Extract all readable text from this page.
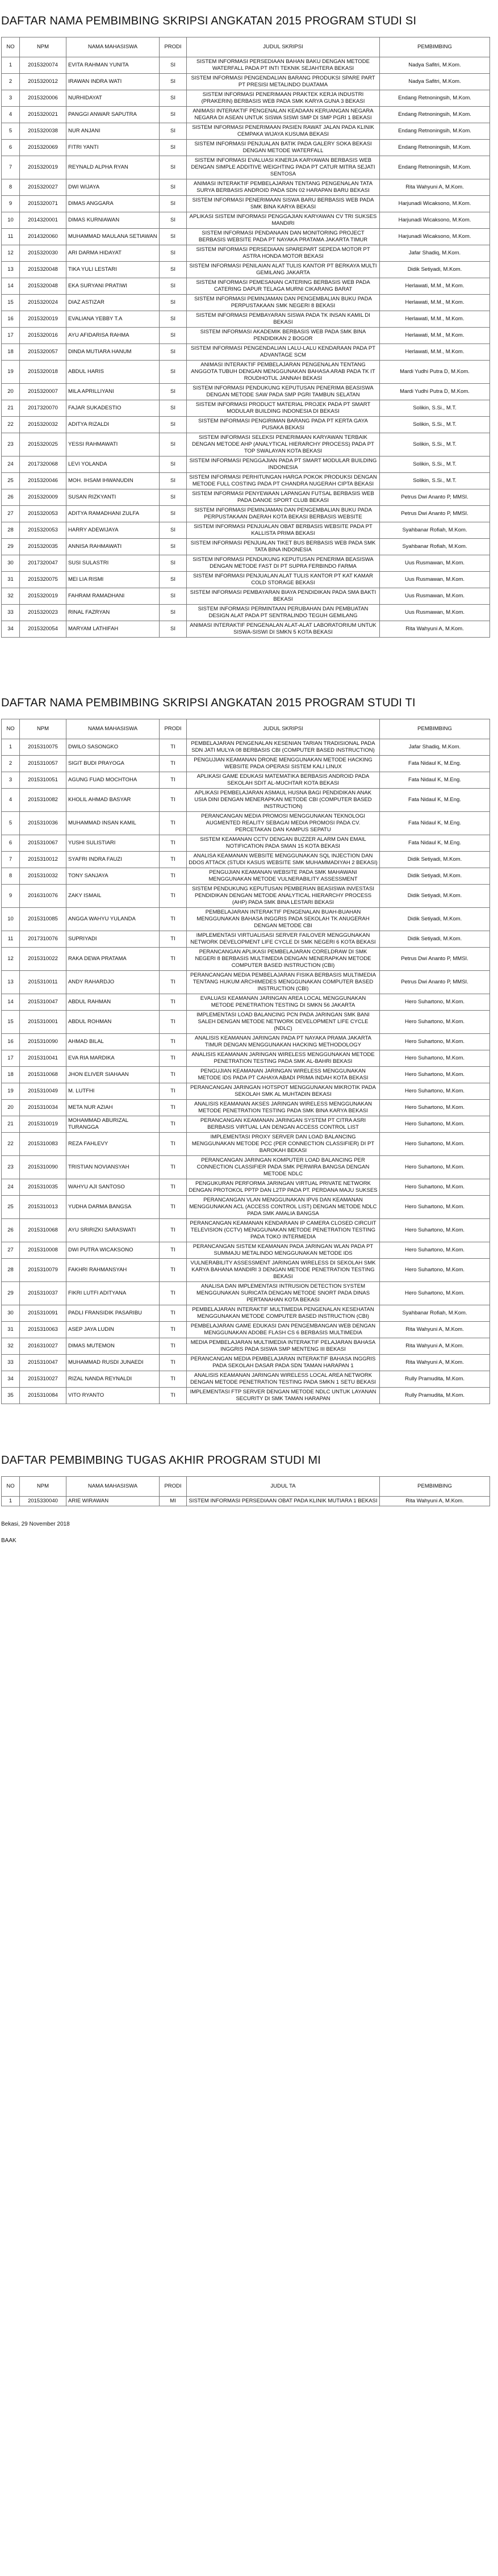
DAFTAR NAMA PEMBIMBING SKRIPSI ANGKATAN 2015 PROGRAM STUDI SI
NO	NPM	NAMA MAHASISWA	PRODI	JUDUL SKRIPSI	PEMBIMBING
1	2015320074	EVITA RAHMAN YUNITA	SI	SISTEM INFORMASI PERSEDIAAN BAHAN BAKU DENGAN METODE WATERFALL PADA PT INTI TEKNIK SEJAHTERA BEKASI	Nadya Safitri, M.Kom.
2	2015320012	IRAWAN INDRA WATI	SI	SISTEM INFORMASI PENGENDALIAN BARANG PRODUKSI SPARE PART PT PRESISI METALINDO DUATAMA	Nadya Safitri, M.Kom.
3	2015320006	NURHIDAYAT	SI	SISTEM INFORMASI PENERIMAAN PRAKTEK KERJA INDUSTRI (PRAKERIN) BERBASIS WEB PADA SMK KARYA GUNA 3 BEKASI	Endang Retnoningsih, M.Kom.
4	2015320021	PANGGI ANWAR SAPUTRA	SI	ANIMASI INTERAKTIF PENGENALAN KEADAAN KERUANGAN NEGARA NEGARA DI ASEAN UNTUK SISWA SISWI SMP DI SMP PGRI 1 BEKASI	Endang Retnoningsih, M.Kom.
5	2015320038	NUR ANJANI	SI	SISTEM INFORMASI PENERIMAAN PASIEN RAWAT JALAN PADA KLINIK CEMPAKA WIJAYA KUSUMA BEKASI	Endang Retnoningsih, M.Kom.
6	2015320069	FITRI YANTI	SI	SISTEM INFORMASI PENJUALAN BATIK PADA GALERY SOKA BEKASI DENGAN METODE WATERFALL	Endang Retnoningsih, M.Kom.
7	2015320019	REYNALD ALPHA RYAN	SI	SISTEM INFORMASI EVALUASI KINERJA KARYAWAN BERBASIS WEB DENGAN SIMPLE ADDITIVE WEIGHTING PADA PT CATUR MITRA SEJATI SENTOSA	Endang Retnoningsih, M.Kom.
8	2015320027	DWI WIJAYA	SI	ANIMASI INTERAKTIF PEMBELAJARAN TENTANG PENGENALAN TATA SURYA BERBASIS ANDROID PADA SDN 02 HARAPAN BARU BEKASI	Rita Wahyuni A, M.Kom.
9	2015320071	DIMAS ANGGARA	SI	SISTEM INFORMASI PENERIMAAN SISWA BARU BERBASIS WEB PADA SMK BINA KARYA BEKASI	Harjunadi Wicaksono, M.Kom.
10	2014320001	DIMAS KURNIAWAN	SI	APLIKASI SISTEM INFORMASI PENGGAJIAN KARYAWAN CV TRI SUKSES MANDIRI	Harjunadi Wicaksono, M.Kom.
11	2014320060	MUHAMMAD MAULANA SETIAWAN	SI	SISTEM INFORMASI PENDANAAN DAN MONITORING PROJECT BERBASIS WEBSITE PADA PT NAYAKA PRATAMA JAKARTA TIMUR	Harjunadi Wicaksono, M.Kom.
12	2015320030	ARI DARMA HIDAYAT	SI	SISTEM INFORMASI PERSEDIAAN SPAREPART SEPEDA MOTOR PT ASTRA HONDA MOTOR BEKASI	Jafar Shadiq, M.Kom.
13	2015320048	TIKA YULI LESTARI	SI	SISTEM INFORMASI PENILAIAN ALAT TULIS KANTOR PT BERKAYA MULTI GEMILANG JAKARTA	Didik Setiyadi, M.Kom.
14	2015320048	EKA SURYANI PRATIWI	SI	SISTEM INFORMASI PEMESANAN CATERING BERBASIS WEB PADA CATERING DAPUR TELAGA MURNI CIKARANG BARAT	Herlawati, M.M., M.Kom.
15	2015320024	DIAZ ASTIZAR	SI	SISTEM INFORMASI PEMINJAMAN DAN PENGEMBALIAN BUKU PADA PERPUSTAKAAN SMK NEGERI 8 BEKASI	Herlawati, M.M., M.Kom.
16	2015320019	EVALIANA YEBBY T.A	SI	SISTEM INFORMASI PEMBAYARAN SISWA PADA TK INSAN KAMIL DI BEKASI	Herlawati, M.M., M.Kom.
17	2015320016	AYU AFIDARISA RAHMA	SI	SISTEM INFORMASI AKADEMIK BERBASIS WEB PADA SMK BINA PENDIDIKAN 2 BOGOR	Herlawati, M.M., M.Kom.
18	2015320057	DINDA MUTIARA HANUM	SI	SISTEM INFORMASI PENGENDALIAN LALU-LALU KENDARAAN PADA PT ADVANTAGE SCM	Herlawati, M.M., M.Kom.
19	2015320018	ABDUL HARIS	SI	ANIMASI INTERAKTIF PEMBELAJARAN PENGENALAN TENTANG ANGGOTA TUBUH DENGAN MENGGUNAKAN BAHASA ARAB PADA TK IT ROUDHOTUL JANNAH BEKASI	Mardi Yudhi Putra D, M.Kom.
20	2015320007	MILA APRILLIYANI	SI	SISTEM INFORMASI PENDUKUNG KEPUTUSAN PENERIMA BEASISWA DENGAN METODE SAW PADA SMP PGRI TAMBUN SELATAN	Mardi Yudhi Putra D, M.Kom.
21	2017320070	FAJAR SUKADESTIO	SI	SISTEM INFORMASI PRODUCT MATERIAL PROJEK PADA PT SMART MODULAR BUILDING INDONESIA DI BEKASI	Solikin, S.Si., M.T.
22	2015320032	ADITYA RIZALDI	SI	SISTEM INFORMASI PENGIRIMAN BARANG PADA PT KERTA GAYA PUSAKA BEKASI	Solikin, S.Si., M.T.
23	2015320025	YESSI RAHMAWATI	SI	SISTEM INFORMASI SELEKSI PENERIMAAN KARYAWAN TERBAIK DENGAN METODE AHP (ANALYTICAL HIERARCHY PROCESS) PADA PT TOP SWALAYAN KOTA BEKASI	Solikin, S.Si., M.T.
24	2017320068	LEVI YOLANDA	SI	SISTEM INFORMASI PENGGAJIAN PADA PT SMART MODULAR BUILDING INDONESIA	Solikin, S.Si., M.T.
25	2015320046	MOH. IHSAM IHWANUDIN	SI	SISTEM INFORMASI PERHITUNGAN HARGA POKOK PRODUKSI DENGAN METODE FULL COSTING PADA PT CHANDRA NUGERAH CIPTA BEKASI	Solikin, S.Si., M.T.
26	2015320009	SUSAN RIZKYANTI	SI	SISTEM INFORMASI PENYEWAAN LAPANGAN FUTSAL BERBASIS WEB PADA DANOE SPORT CLUB BEKASI	Petrus Dwi Ananto P, MMSI.
27	2015320053	ADITYA RAMADHANI ZULFA	SI	SISTEM INFORMASI PEMINJAMAN DAN PENGEMBALIAN BUKU PADA PERPUSTAKAAN DAERAH KOTA BEKASI BERBASIS WEBSITE	Petrus Dwi Ananto P, MMSI.
28	2015320053	HARRY ADEWIJAYA	SI	SISTEM INFORMASI PENJUALAN OBAT BERBASIS WEBSITE PADA PT KALLISTA PRIMA BEKASI	Syahbanar Rofiah, M.Kom.
29	2015320035	ANNISA RAHMAWATI	SI	SISTEM INFORMASI PENJUALAN TIKET BUS BERBASIS WEB PADA SMK TATA BINA INDONESIA	Syahbanar Rofiah, M.Kom.
30	2017320047	SUSI SULASTRI	SI	SISTEM INFORMASI PENDUKUNG KEPUTUSAN PENERIMA BEASISWA DENGAN METODE FAST DI PT SUPRA FERBINDO FARMA	Uus Rusmawan, M.Kom.
31	2015320075	MEI LIA RISMI	SI	SISTEM INFORMASI PENJUALAN ALAT TULIS KANTOR PT KAT KAMAR COLD STORAGE BEKASI	Uus Rusmawan, M.Kom.
32	2015320019	FAHRAM RAMADHANI	SI	SISTEM INFORMASI PEMBAYARAN BIAYA PENDIDIKAN PADA SMA BAKTI BEKASI	Uus Rusmawan, M.Kom.
33	2015320023	RINAL FAZRYAN	SI	SISTEM INFORMASI PERMINTAAN PERUBAHAN DAN PEMBUATAN DESIGN ALAT PADA PT SENTRALINDO TEGUH GEMILANG	Uus Rusmawan, M.Kom.
34	2015320054	MARYAM LATHIFAH	SI	ANIMASI INTERAKTIF PENGENALAN ALAT-ALAT LABORATORIUM UNTUK SISWA-SISWI DI SMKN 5 KOTA BEKASI	Rita Wahyuni A, M.Kom.
DAFTAR NAMA PEMBIMBING SKRIPSI ANGKATAN 2015 PROGRAM STUDI TI
NO	NPM	NAMA MAHASISWA	PRODI	JUDUL SKRIPSI	PEMBIMBING
1	2015310075	DWILO SASONGKO	TI	PEMBELAJARAN PENGENALAN KESENIAN TARIAN TRADISIONAL PADA SDN JATI MULYA 08 BERBASIS CBI (COMPUTER BASED INSTRUCTION)	Jafar Shadiq, M.Kom.
2	2015310057	SIGIT BUDI PRAYOGA	TI	PENGUJIAN KEAMANAN DRONE MENGGUNAKAN METODE HACKING WEBSITE PADA OPERASI SISTEM KALI LINUX	Fata Nidaul K, M.Eng.
3	2015310051	AGUNG FUAD MOCHTOHA	TI	APLIKASI GAME EDUKASI MATEMATIKA BERBASIS ANDROID PADA SEKOLAH SDIT AL-MUCHTAR KOTA BEKASI	Fata Nidaul K, M.Eng.
4	2015310082	KHOLIL AHMAD BASYAR	TI	APLIKASI PEMBELAJARAN ASMAUL HUSNA BAGI PENDIDIKAN ANAK USIA DINI DENGAN MENERAPKAN METODE CBI (COMPUTER BASED INSTRUCTION)	Fata Nidaul K, M.Eng.
5	2015310036	MUHAMMAD INSAN KAMIL	TI	PERANCANGAN MEDIA PROMOSI MENGGUNAKAN TEKNOLOGI AUGMENTED REALITY SEBAGAI MEDIA PROMOSI PADA CV. PERCETAKAN DAN KAMPUS SEPATU	Fata Nidaul K, M.Eng.
6	2015310067	YUSHI SULISTIARI	TI	SISTEM KEAMANAN CCTV DENGAN BUZZER ALARM DAN EMAIL NOTIFICATION PADA SMAN 15 KOTA BEKASI	Fata Nidaul K, M.Eng.
7	2015310012	SYAFRI INDRA FAUZI	TI	ANALISA KEAMANAN WEBSITE MENGGUNAKAN SQL INJECTION DAN DDOS ATTACK (STUDI KASUS WEBSITE SMK MUHAMMADIYAH 2 BEKASI)	Didik Setiyadi, M.Kom.
8	2015310032	TONY SANJAYA	TI	PENGUJIAN KEAMANAN WEBSITE PADA SMK MAHAWANI MENGGUNAKAN METODE VULNERABILITY ASSESSMENT	Didik Setiyadi, M.Kom.
9	2016310076	ZAKY ISMAIL	TI	SISTEM PENDUKUNG KEPUTUSAN PEMBERIAN BEASISWA INVESTASI PENDIDIKAN DENGAN METODE ANALYTICAL HIERARCHY PROCESS (AHP) PADA SMK BINA LESTARI BEKASI	Didik Setiyadi, M.Kom.
10	2015310085	ANGGA WAHYU YULANDA	TI	PEMBELAJARAN INTERAKTIF PENGENALAN BUAH-BUAHAN MENGGUNAKAN BAHASA INGGRIS PADA SEKOLAH TK ANUGERAH DENGAN METODE CBI	Didik Setiyadi, M.Kom.
11	2017310076	SUPRIYADI	TI	IMPLEMENTASI VIRTUALISASI SERVER FAILOVER MENGGUNAKAN NETWORK DEVELOPMENT LIFE CYCLE DI SMK NEGERI 6 KOTA BEKASI	Didik Setiyadi, M.Kom.
12	2015310022	RAKA DEWA PRATAMA	TI	PERANCANGAN APLIKASI PEMBELAJARAN CORELDRAW DI SMK NEGERI 8 BERBASIS MULTIMEDIA DENGAN MENERAPKAN METODE COMPUTER BASED INSTRUCTION (CBI)	Petrus Dwi Ananto P, MMSI.
13	2015310011	ANDY RAHARDJO	TI	PERANCANGAN MEDIA PEMBELAJARAN FISIKA BERBASIS MULTIMEDIA TENTANG HUKUM ARCHIMEDES MENGGUNAKAN COMPUTER BASED INSTRUCTION (CBI)	Petrus Dwi Ananto P, MMSI.
14	2015310047	ABDUL RAHMAN	TI	EVALUASI KEAMANAN JARINGAN AREA LOCAL MENGGUNAKAN METODE PENETRATION TESTING DI SMKN 56 JAKARTA	Hero Suhartono, M.Kom.
15	2015310001	ABDUL ROHMAN	TI	IMPLEMENTASI LOAD BALANCING PCN PADA JARINGAN SMK BANI SALEH DENGAN METODE NETWORK DEVELOPMENT LIFE CYCLE (NDLC)	Hero Suhartono, M.Kom.
16	2015310090	AHMAD BILAL	TI	ANALISIS KEAMANAN JARINGAN PADA PT NAYAKA PRAMA JAKARTA TIMUR DENGAN MENGGUNAKAN HACKING METHODOLOGY	Hero Suhartono, M.Kom.
17	2015310041	EVA RIA MARDIKA	TI	ANALISIS KEAMANAN JARINGAN WIRELESS MENGGUNAKAN METODE PENETRATION TESTING PADA SMK AL-BAHRI BEKASI	Hero Suhartono, M.Kom.
18	2015310068	JHON ELIVER SIAHAAN	TI	PENGUJIAN KEAMANAN JARINGAN WIRELESS MENGGUNAKAN METODE IDS PADA PT CAHAYA ABADI PRIMA INDAH KOTA BEKASI	Hero Suhartono, M.Kom.
19	2015310049	M. LUTFHI	TI	PERANCANGAN JARINGAN HOTSPOT MENGGUNAKAN MIKROTIK PADA SEKOLAH SMK AL MUHTADIN BEKASI	Hero Suhartono, M.Kom.
20	2015310034	META NUR AZIAH	TI	ANALISIS KEAMANAN AKSES JARINGAN WIRELESS MENGGUNAKAN METODE PENETRATION TESTING PADA SMK BINA KARYA BEKASI	Hero Suhartono, M.Kom.
21	2015310019	MOHAMMAD ABURIZAL TURANGGA	TI	PERANCANGAN KEAMANAN JARINGAN SYSTEM PT CITRA ASRI BERBASIS VIRTUAL LAN DENGAN ACCESS CONTROL LIST	Hero Suhartono, M.Kom.
22	2015310083	REZA FAHLEVY	TI	IMPLEMENTASI PROXY SERVER DAN LOAD BALANCING MENGGUNAKAN METODE PCC (PER CONNECTION CLASSIFIER) DI PT BAROKAH BEKASI	Hero Suhartono, M.Kom.
23	2015310090	TRISTIAN NOVIANSYAH	TI	PERANCANGAN JARINGAN KOMPUTER LOAD BALANCING PER CONNECTION CLASSIFIER PADA SMK PERWIRA BANGSA DENGAN METODE NDLC	Hero Suhartono, M.Kom.
24	2015310035	WAHYU AJI SANTOSO	TI	PENGUKURAN PERFORMA JARINGAN VIRTUAL PRIVATE NETWORK DENGAN PROTOKOL PPTP DAN L2TP PADA PT. PERDANA MAJU SUKSES	Hero Suhartono, M.Kom.
25	2015310013	YUDHA DARMA BANGSA	TI	PERANCANGAN VLAN MENGGUNAKAN IPV6 DAN KEAMANAN MENGGUNAKAN ACL (ACCESS CONTROL LIST) DENGAN METODE NDLC PADA SMK AMALIA BANGSA	Hero Suhartono, M.Kom.
26	2015310068	AYU SRIRIZKI SARASWATI	TI	PERANCANGAN KEAMANAN KENDARAAN IP CAMERA CLOSED CIRCUIT TELEVISION (CCTV) MENGGUNAKAN METODE PENETRATION TESTING PADA TOKO INTERMEDIA	Hero Suhartono, M.Kom.
27	2015310008	DWI PUTRA WICAKSONO	TI	PERANCANGAN SISTEM KEAMANAN PADA JARINGAN WLAN PADA PT SUMMAJU METALINDO MENGGUNAKAN METODE IDS	Hero Suhartono, M.Kom.
28	2015310079	FAKHRI RAHMANSYAH	TI	VULNERABILITY ASSESSMENT JARINGAN WIRELESS DI SEKOLAH SMK KARYA BAHANA MANDIRI 3 DENGAN METODE PENETRATION TESTING BEKASI	Hero Suhartono, M.Kom.
29	2015310037	FIKRI LUTFI ADITYANA	TI	ANALISA DAN IMPLEMENTASI INTRUSION DETECTION SYSTEM MENGGUNAKAN SURICATA DENGAN METODE SNORT PADA DINAS PERTANAHAN KOTA BEKASI	Hero Suhartono, M.Kom.
30	2015310091	PADLI FRANSIDIK PASARIBU	TI	PEMBELAJARAN INTERAKTIF MULTIMEDIA PENGENALAN KESEHATAN MENGGUNAKAN METODE COMPUTER BASED INSTRUCTION (CBI)	Syahbanar Rofiah, M.Kom.
31	2015310063	ASEP JAYA LUDIN	TI	PEMBELAJARAN GAME EDUKASI DAN PENGEMBANGAN WEB DENGAN MENGGUNAKAN ADOBE FLASH CS 6 BERBASIS MULTIMEDIA	Rita Wahyuni A, M.Kom.
32	2016310027	DIMAS MUTEMON	TI	MEDIA PEMBELAJARAN MULTIMEDIA INTERAKTIF PELAJARAN BAHASA INGGRIS PADA SISWA SMP MENTENG III BEKASI	Rita Wahyuni A, M.Kom.
33	2015310047	MUHAMMAD RUSDI JUNAEDI	TI	PERANCANGAN MEDIA PEMBELAJARAN INTERAKTIF BAHASA INGGRIS PADA SEKOLAH DASAR PADA SDN TAMAN HARAPAN 1	Rita Wahyuni A, M.Kom.
34	2015310027	RIZAL NANDA REYNALDI	TI	ANALISIS KEAMANAN JARINGAN WIRELESS LOCAL AREA NETWORK DENGAN METODE PENETRATION TESTING PADA SMKN 1 SETU BEKASI	Rully Pramudita, M.Kom.
35	2015310084	VITO RYANTO	TI	IMPLEMENTASI FTP SERVER DENGAN METODE NDLC UNTUK LAYANAN SECURITY DI SMK TAMAN HARAPAN	Rully Pramudita, M.Kom.
DAFTAR PEMBIMBING TUGAS AKHIR PROGRAM STUDI MI
NO	NPM	NAMA MAHASISWA	PRODI	JUDUL TA	PEMBIMBING
1	2015330040	ARIE WIRAWAN	MI	SISTEM INFORMASI PERSEDIAAN OBAT PADA KLINIK MUTIARA 1 BEKASI	Rita Wahyuni A, M.Kom.
Bekasi, 29 November 2018
BAAK
